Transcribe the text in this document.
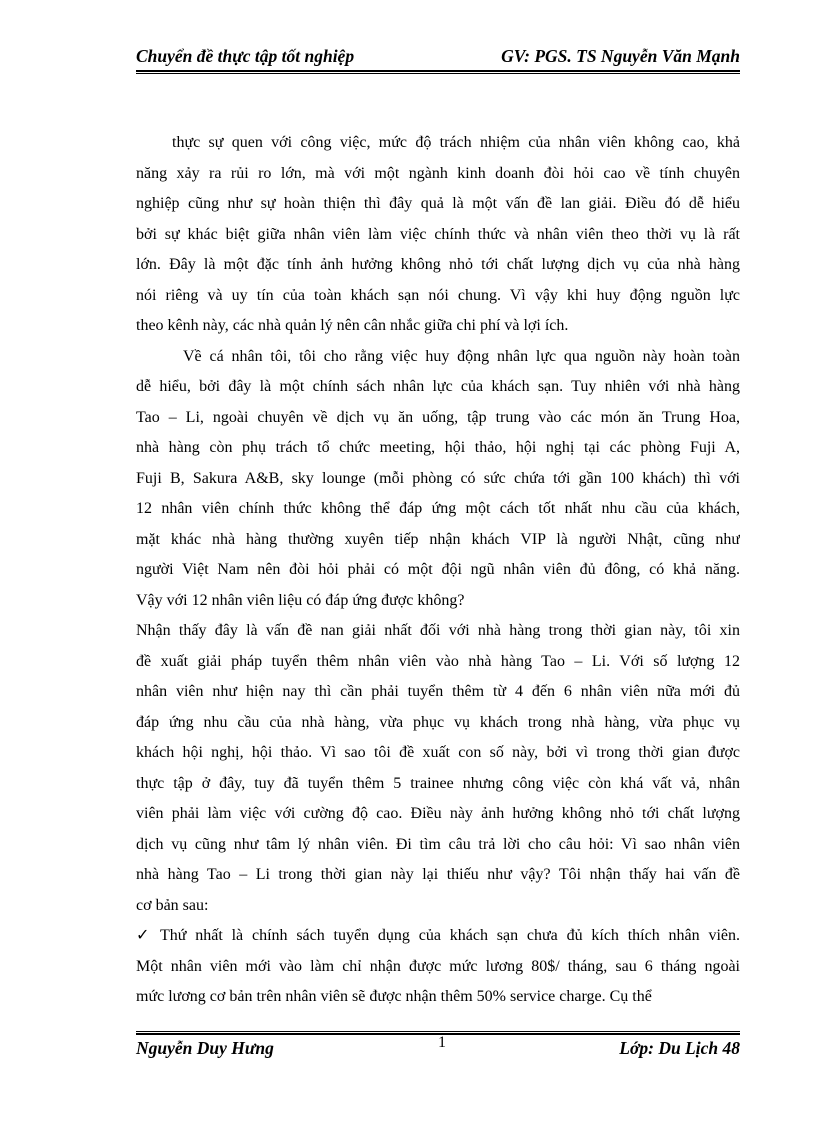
Chuyển đề thực tập tốt nghiệp	GV: PGS. TS Nguyễn Văn Mạnh
thực sự quen với công việc, mức độ trách nhiệm của nhân viên không cao, khả
năng xảy ra rủi ro lớn, mà với một ngành kinh doanh đòi hỏi cao về tính chuyên
nghiệp cũng như sự hoàn thiện thì đây quả là một vấn đề lan giải. Điều đó dễ hiểu
bởi sự khác biệt giữa nhân viên làm việc chính thức và nhân viên theo thời vụ là rất
lớn. Đây là một đặc tính ảnh hưởng không nhỏ tới chất lượng dịch vụ của nhà hàng
nói riêng và uy tín của toàn khách sạn nói chung. Vì vậy khi huy động nguồn lực
theo kênh này, các nhà quản lý nên cân nhắc giữa chi phí và lợi ích.
Về cá nhân tôi, tôi cho rằng việc huy động nhân lực qua nguồn này hoàn toàn
dễ hiểu, bởi đây là một chính sách nhân lực của khách sạn. Tuy nhiên với nhà hàng
Tao – Li, ngoài chuyên về dịch vụ ăn uống, tập trung vào các món ăn Trung Hoa,
nhà hàng còn phụ trách tổ chức meeting, hội thảo, hội nghị tại các phòng Fuji A,
Fuji B, Sakura A&B, sky lounge (mỗi phòng có sức chứa tới gần 100 khách) thì với
12 nhân viên chính thức không thể đáp ứng một cách tốt nhất nhu cầu của khách,
mặt khác nhà hàng thường xuyên tiếp nhận khách VIP là người Nhật, cũng như
người Việt Nam nên đòi hỏi phải có một đội ngũ nhân viên đủ đông, có khả năng.
Vậy với 12 nhân viên liệu có đáp ứng được không?
Nhận thấy đây là vấn đề nan giải nhất đối với nhà hàng trong thời gian này, tôi xin
đề xuất giải pháp tuyển thêm nhân viên vào nhà hàng Tao – Li. Với số lượng 12
nhân viên như hiện nay thì cần phải tuyển thêm từ 4 đến 6 nhân viên nữa mới đủ
đáp ứng nhu cầu của nhà hàng, vừa phục vụ khách trong nhà hàng, vừa phục vụ
khách hội nghị, hội thảo. Vì sao tôi đề xuất con số này, bởi vì trong thời gian được
thực tập ở đây, tuy đã tuyển thêm 5 trainee nhưng công việc còn khá vất vả, nhân
viên phải làm việc với cường độ cao. Điều này ảnh hưởng không nhỏ tới chất lượng
dịch vụ cũng như tâm lý nhân viên. Đi tìm câu trả lời cho câu hỏi: Vì sao nhân viên
nhà hàng Tao – Li trong thời gian này lại thiếu như vậy? Tôi nhận thấy hai vấn đề
cơ bản sau:
✓ Thứ nhất là chính sách tuyển dụng của khách sạn chưa đủ kích thích nhân viên.
Một nhân viên mới vào làm chỉ nhận được mức lương 80$/ tháng, sau 6 tháng ngoài
mức lương cơ bản trên nhân viên sẽ được nhận thêm 50% service charge. Cụ thể
Nguyễn Duy Hưng	1	Lớp: Du Lịch 48
